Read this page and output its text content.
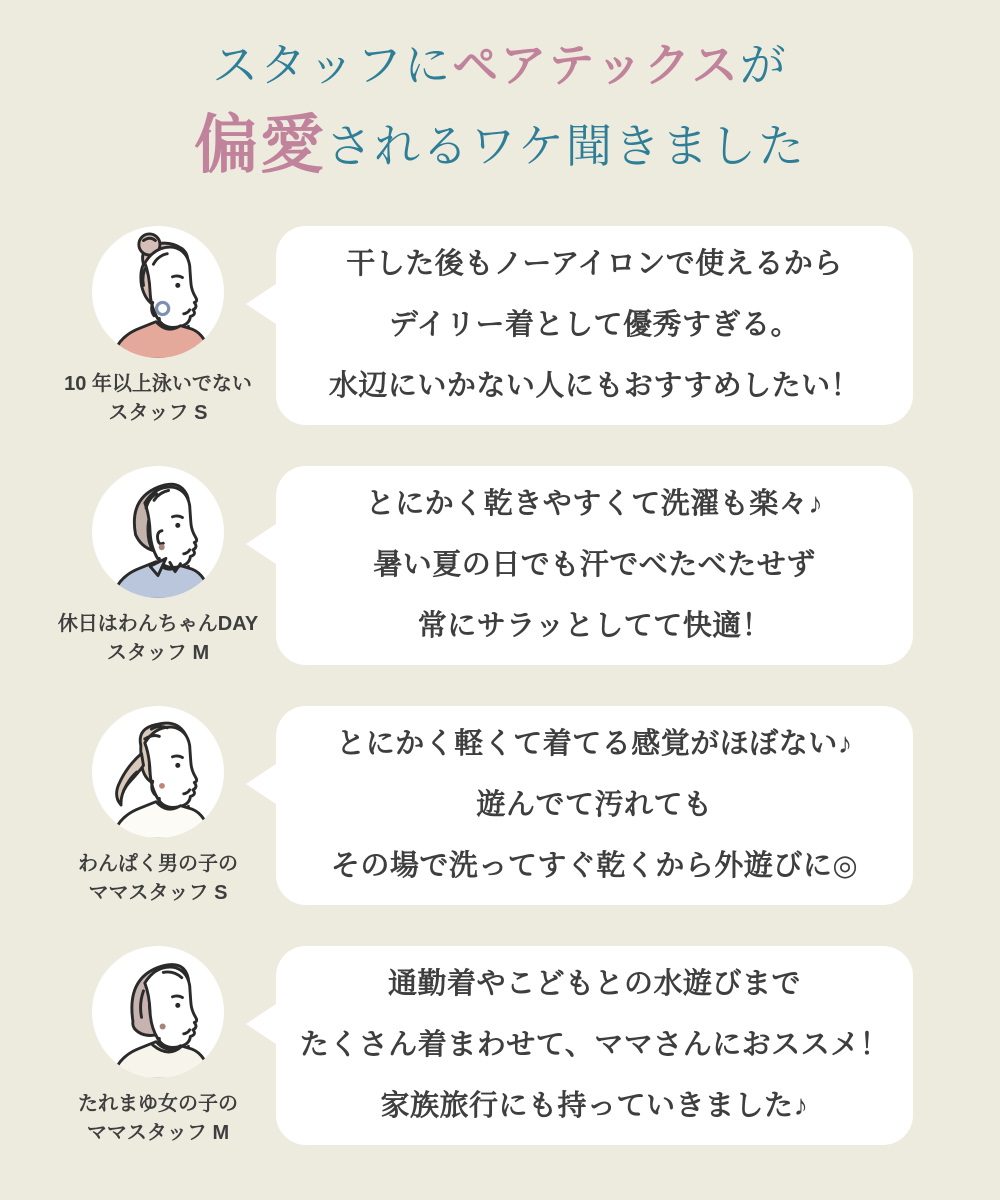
スタッフにペアテックスが
偏愛されるワケ聞きました
10 年以上泳いでない
スタッフ S

干した後もノーアイロンで使えるから

デイリー着として優秀すぎる。

水辺にいかない人にもおすすめしたい！

休日はわんちゃんDAY
スタッフ M

とにかく乾きやすくて洗濯も楽々♪

暑い夏の日でも汗でべたべたせず

常にサラッとしてて快適！

わんぱく男の子の
ママスタッフ S

とにかく軽くて着てる感覚がほぼない♪

遊んでて汚れても

その場で洗ってすぐ乾くから外遊びに◎

たれまゆ女の子の
ママスタッフ M

通勤着やこどもとの水遊びまで

たくさん着まわせて、ママさんにおススメ！

家族旅行にも持っていきました♪
